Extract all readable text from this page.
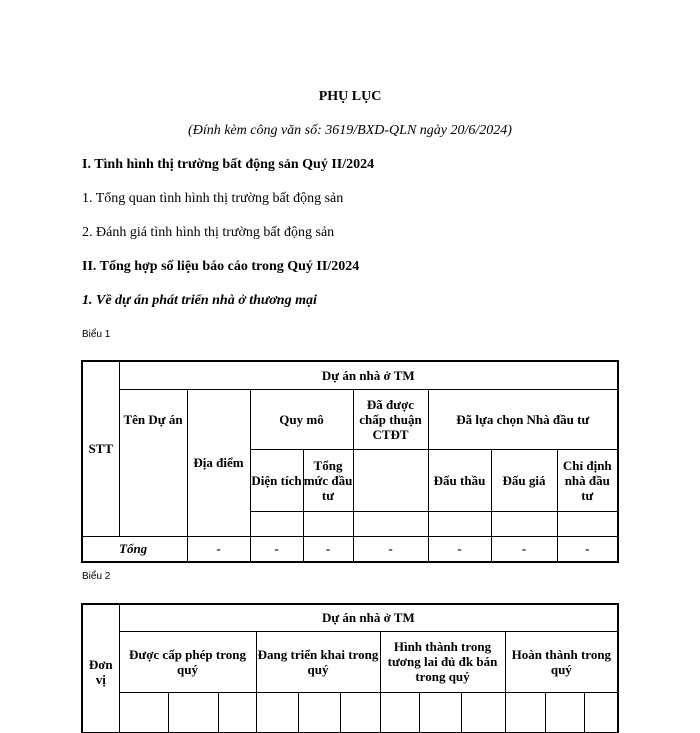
PHỤ LỤC
(Đính kèm công văn số: 3619/BXD-QLN ngày 20/6/2024)
I. Tình hình thị trường bất động sản Quý II/2024
1. Tổng quan tình hình thị trường bất động sản
2. Đánh giá tình hình thị trường bất động sản
II. Tổng hợp số liệu báo cáo trong Quý II/2024
1. Về dự án phát triển nhà ở thương mại
Biểu 1
STT	Dự án nhà ở TM								
	Tên Dự án	Địa điểm	Quy mô		Đã được chấp thuận CTĐT	Đã lựa chọn Nhà đầu tư			
			Diện tích	Tổng mức đầu tư		Đấu thầu	Đấu giá	Chỉ định nhà đầu tư	

	Tổng	-	-	-	-	-	-	-	
Biểu 2
Đơn vị	Dự án nhà ở TM											
	Được cấp phép trong quý			Đang triển khai trong quý			Hình thành trong tương lai đủ đk bán trong quý			Hoàn thành trong quý		
